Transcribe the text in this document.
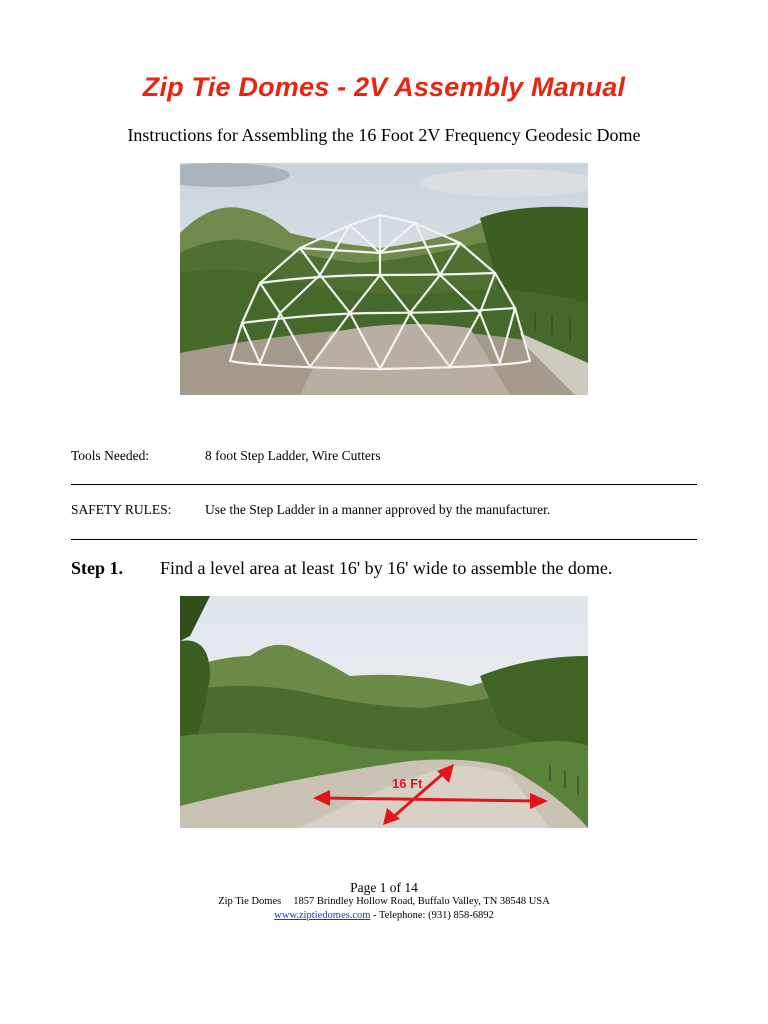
Zip Tie Domes - 2V Assembly Manual
Instructions for Assembling the 16 Foot 2V Frequency Geodesic Dome
Tools Needed:	8 foot Step Ladder, Wire Cutters
SAFETY RULES: Use the Step Ladder in a manner approved by the manufacturer.
Step 1. Find a level area at least 16' by 16' wide to assemble the dome.
16 Ft
Page 1 of 14
Zip Tie Domes 1857 Brindley Hollow Road, Buffalo Valley, TN 38548 USA
www.ziptiedomes.com - Telephone: (931) 858-6892
